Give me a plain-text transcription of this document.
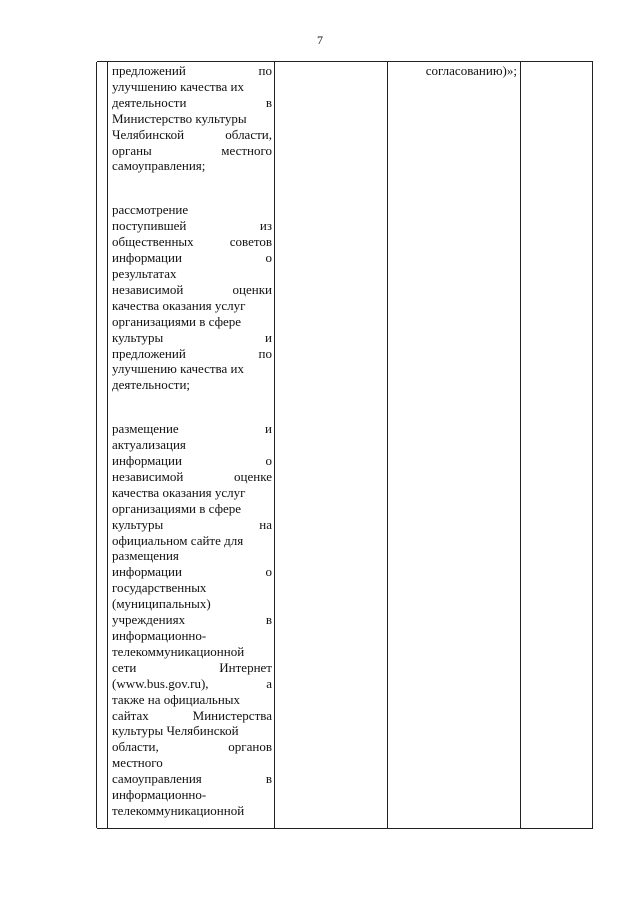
7

предложений	по
улучшению качества их
деятельности	в
Министерство культуры
Челябинской	области,
органы	местного
самоуправления;

рассмотрение
поступившей	из
общественных	советов
информации	о
результатах
независимой	оценки
качества оказания услуг
организациями в сфере
культуры	и
предложений	по
улучшению качества их
деятельности;

размещение	и
актуализация
информации	о
независимой	оценке
качества оказания услуг
организациями в сфере
культуры	на
официальном сайте для
размещения
информации	о
государственных
(муниципальных)
учреждениях	в
информационно-
телекоммуникационной
сети	Интернет
(www.bus.gov.ru),	а
также на официальных
сайтах	Министерства
культуры Челябинской
области,	органов
местного
самоуправления	в
информационно-
телекоммуникационной

согласованию)»;
